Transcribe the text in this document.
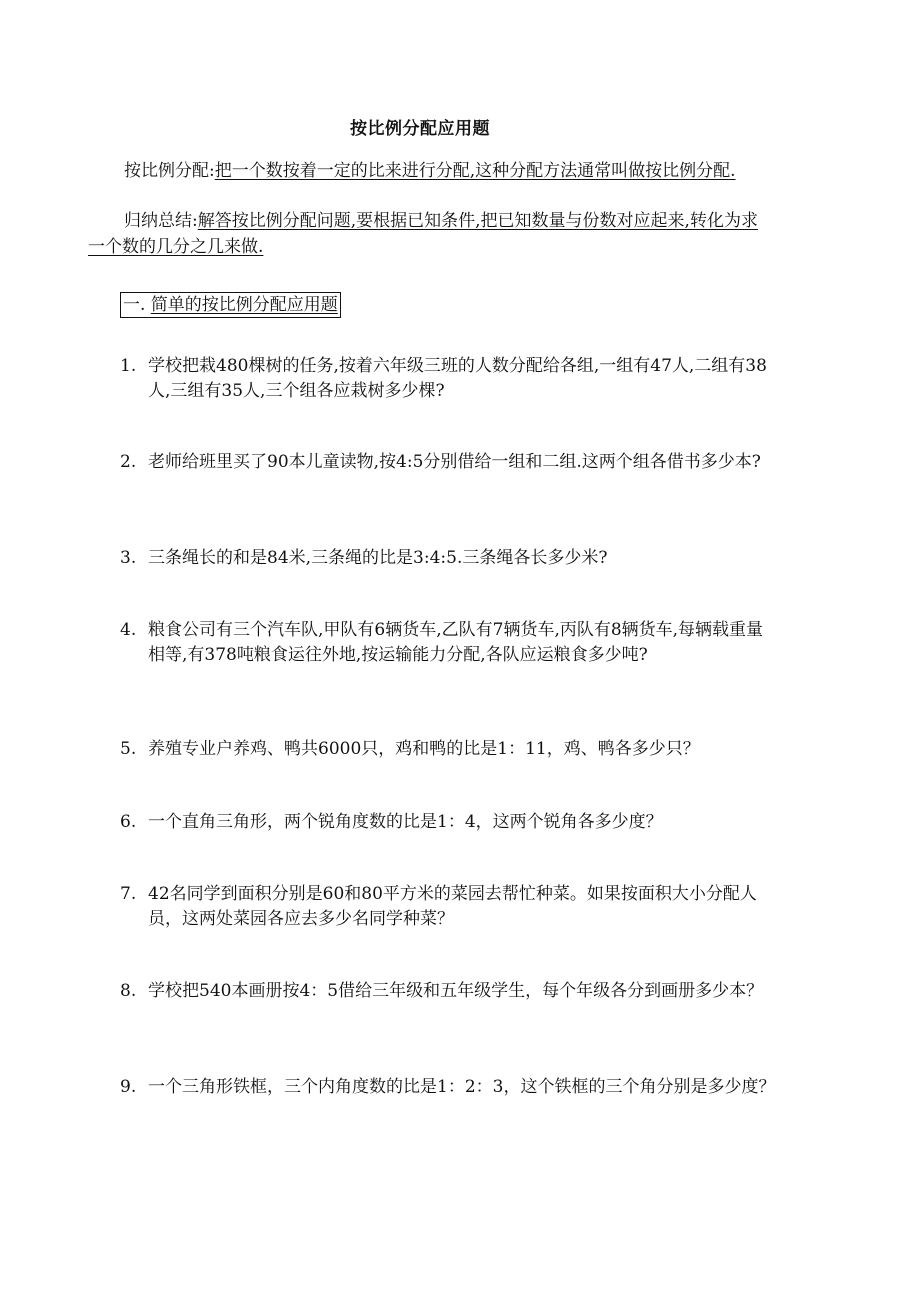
按比例分配应用题
按比例分配:把一个数按着一定的比来进行分配,这种分配方法通常叫做按比例分配.
归纳总结:解答按比例分配问题,要根据已知条件,把已知数量与份数对应起来,转化为求一个数的几分之几来做.
一. 简单的按比例分配应用题
1. 学校把栽480棵树的任务,按着六年级三班的人数分配给各组,一组有47人,二组有38人,三组有35人,三个组各应栽树多少棵?
2. 老师给班里买了90本儿童读物,按4:5分别借给一组和二组.这两个组各借书多少本?
3. 三条绳长的和是84米,三条绳的比是3:4:5.三条绳各长多少米?
4. 粮食公司有三个汽车队,甲队有6辆货车,乙队有7辆货车,丙队有8辆货车,每辆载重量相等,有378吨粮食运往外地,按运输能力分配,各队应运粮食多少吨?
5. 养殖专业户养鸡、鸭共6000只，鸡和鸭的比是1：11，鸡、鸭各多少只？
6. 一个直角三角形，两个锐角度数的比是1：4，这两个锐角各多少度？
7. 42名同学到面积分别是60和80平方米的菜园去帮忙种菜。如果按面积大小分配人员，这两处菜园各应去多少名同学种菜？
8. 学校把540本画册按4：5借给三年级和五年级学生，每个年级各分到画册多少本？
9. 一个三角形铁框，三个内角度数的比是1：2：3，这个铁框的三个角分别是多少度？
